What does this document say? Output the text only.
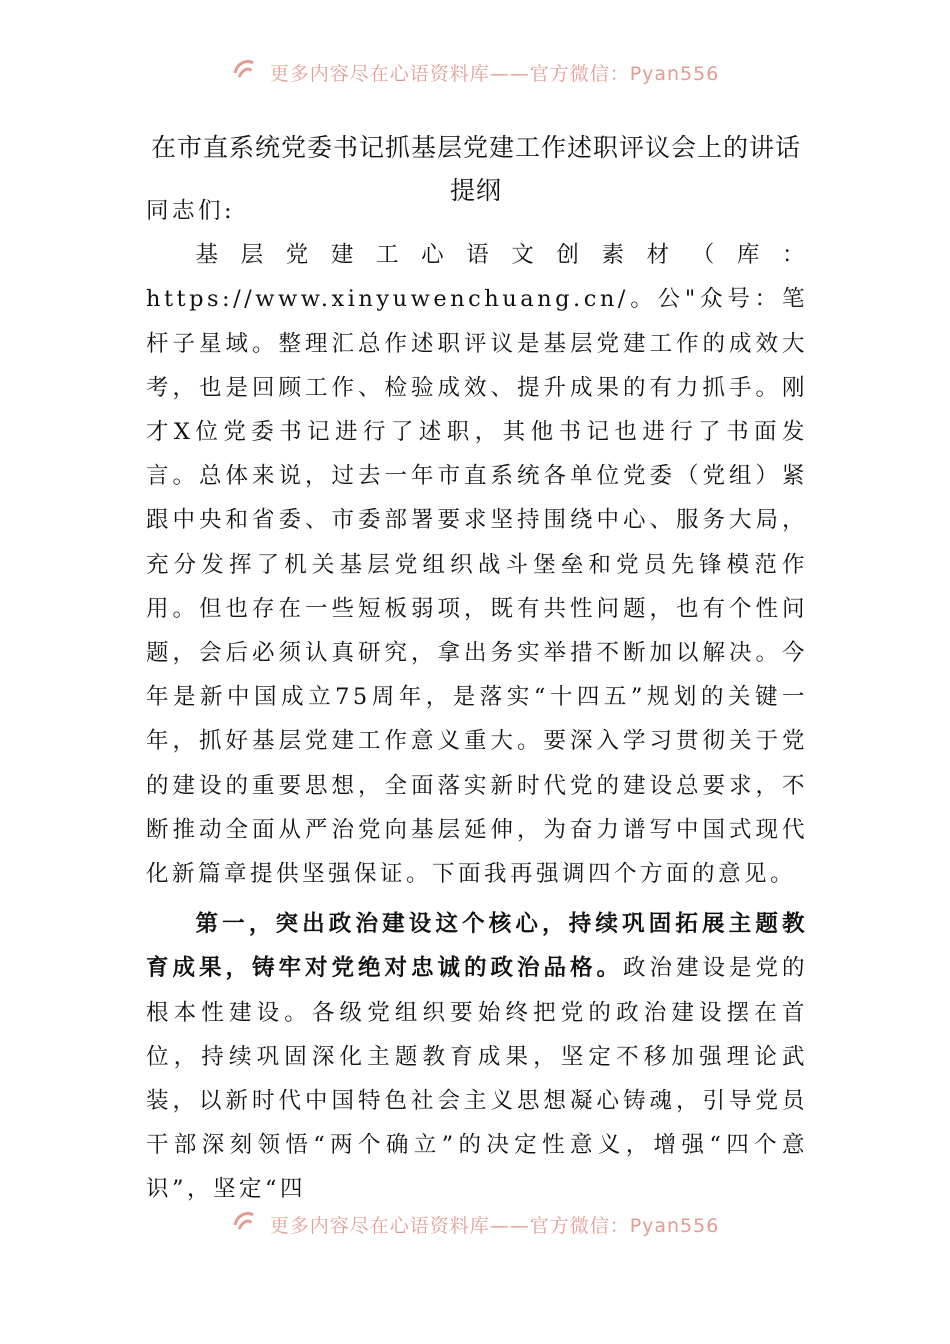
更多内容尽在心语资料库——官方微信：Pyan556
在市直系统党委书记抓基层党建工作述职评议会上的讲话提纲

同志们:

基层党建工心语文创素材（库：https://www.xinyuwenchuang.cn/。公"众号：笔杆子星域。整理汇总作述职评议是基层党建工作的成效大考，也是回顾工作、检验成效、提升成果的有力抓手。刚才X位党委书记进行了述职，其他书记也进行了书面发言。总体来说，过去一年市直系统各单位党委（党组）紧跟中央和省委、市委部署要求坚持围绕中心、服务大局，充分发挥了机关基层党组织战斗堡垒和党员先锋模范作用。但也存在一些短板弱项，既有共性问题，也有个性问题，会后必须认真研究，拿出务实举措不断加以解决。今年是新中国成立75周年，是落实“十四五”规划的关键一年，抓好基层党建工作意义重大。要深入学习贯彻关于党的建设的重要思想，全面落实新时代党的建设总要求，不断推动全面从严治党向基层延伸，为奋力谱写中国式现代化新篇章提供坚强保证。下面我再强调四个方面的意见。

第一，突出政治建设这个核心，持续巩固拓展主题教育成果，铸牢对党绝对忠诚的政治品格。政治建设是党的根本性建设。各级党组织要始终把党的政治建设摆在首位，持续巩固深化主题教育成果，坚定不移加强理论武装，以新时代中国特色社会主义思想凝心铸魂，引导党员干部深刻领悟“两个确立”的决定性意义，增强“四个意识”，坚定“四

更多内容尽在心语资料库——官方微信：Pyan556
